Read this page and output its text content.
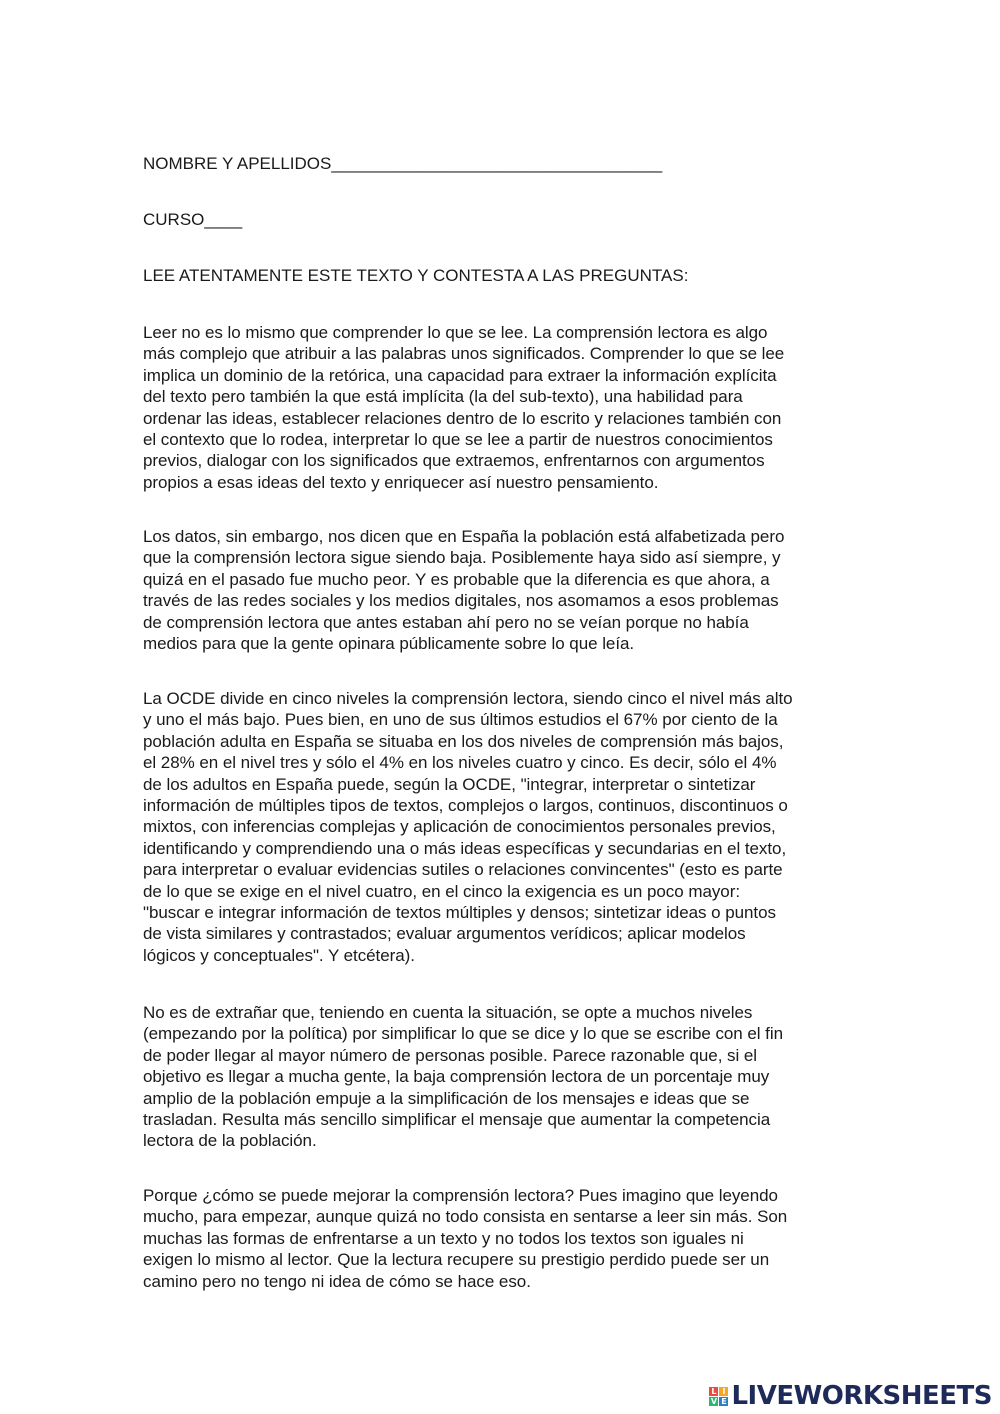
NOMBRE Y APELLIDOS___________________________________
CURSO____
LEE ATENTAMENTE ESTE TEXTO Y CONTESTA A LAS PREGUNTAS:

Leer no es lo mismo que comprender lo que se lee. La comprensión lectora es algo
más complejo que atribuir a las palabras unos significados. Comprender lo que se lee
implica un dominio de la retórica, una capacidad para extraer la información explícita
del texto pero también la que está implícita (la del sub-texto), una habilidad para
ordenar las ideas, establecer relaciones dentro de lo escrito y relaciones también con
el contexto que lo rodea, interpretar lo que se lee a partir de nuestros conocimientos
previos, dialogar con los significados que extraemos, enfrentarnos con argumentos
propios a esas ideas del texto y enriquecer así nuestro pensamiento.

Los datos, sin embargo, nos dicen que en España la población está alfabetizada pero
que la comprensión lectora sigue siendo baja. Posiblemente haya sido así siempre, y
quizá en el pasado fue mucho peor. Y es probable que la diferencia es que ahora, a
través de las redes sociales y los medios digitales, nos asomamos a esos problemas
de comprensión lectora que antes estaban ahí pero no se veían porque no había
medios para que la gente opinara públicamente sobre lo que leía.

La OCDE divide en cinco niveles la comprensión lectora, siendo cinco el nivel más alto
y uno el más bajo. Pues bien, en uno de sus últimos estudios el 67% por ciento de la
población adulta en España se situaba en los dos niveles de comprensión más bajos,
el 28% en el nivel tres y sólo el 4% en los niveles cuatro y cinco. Es decir, sólo el 4%
de los adultos en España puede, según la OCDE, "integrar, interpretar o sintetizar
información de múltiples tipos de textos, complejos o largos, continuos, discontinuos o
mixtos, con inferencias complejas y aplicación de conocimientos personales previos,
identificando y comprendiendo una o más ideas específicas y secundarias en el texto,
para interpretar o evaluar evidencias sutiles o relaciones convincentes" (esto es parte
de lo que se exige en el nivel cuatro, en el cinco la exigencia es un poco mayor:
"buscar e integrar información de textos múltiples y densos; sintetizar ideas o puntos
de vista similares y contrastados; evaluar argumentos verídicos; aplicar modelos
lógicos y conceptuales". Y etcétera).

No es de extrañar que, teniendo en cuenta la situación, se opte a muchos niveles
(empezando por la política) por simplificar lo que se dice y lo que se escribe con el fin
de poder llegar al mayor número de personas posible. Parece razonable que, si el
objetivo es llegar a mucha gente, la baja comprensión lectora de un porcentaje muy
amplio de la población empuje a la simplificación de los mensajes e ideas que se
trasladan. Resulta más sencillo simplificar el mensaje que aumentar la competencia
lectora de la población.

Porque ¿cómo se puede mejorar la comprensión lectora? Pues imagino que leyendo
mucho, para empezar, aunque quizá no todo consista en sentarse a leer sin más. Son
muchas las formas de enfrentarse a un texto y no todos los textos son iguales ni
exigen lo mismo al lector. Que la lectura recupere su prestigio perdido puede ser un
camino pero no tengo ni idea de cómo se hace eso.

L I
V E LIVEWORKSHEETS
